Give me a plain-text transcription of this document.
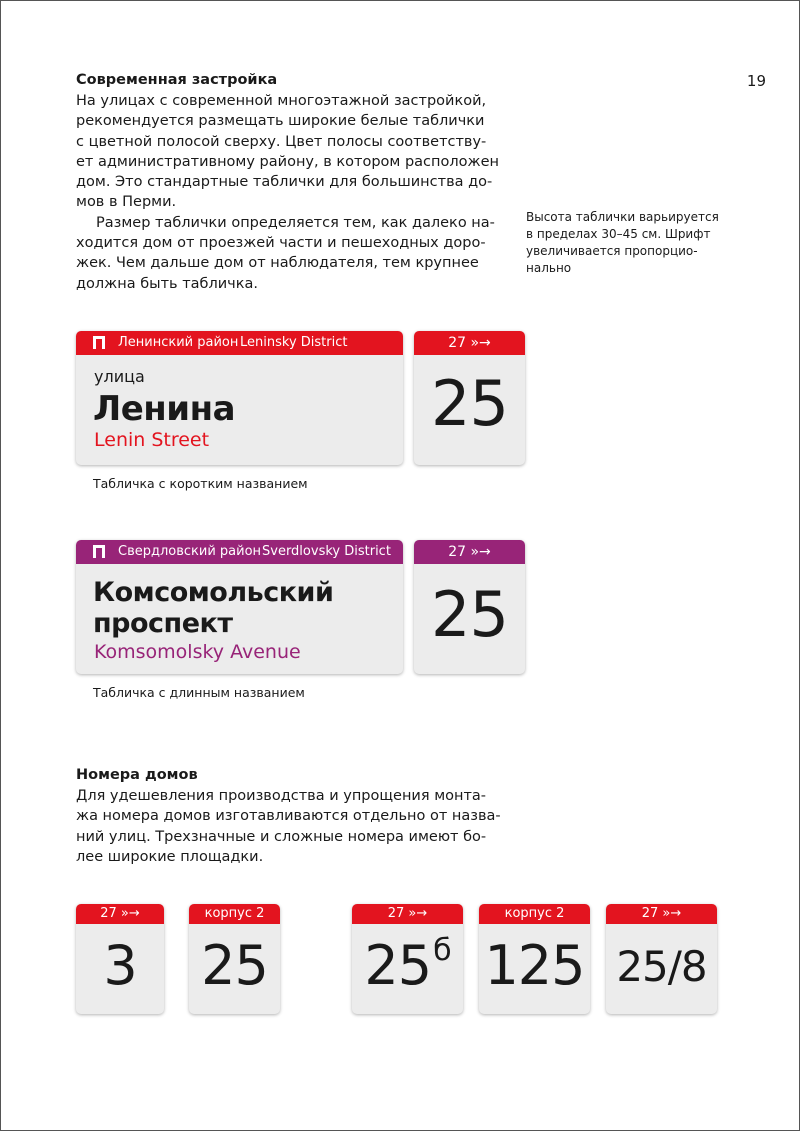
19
Современная застройка

На улицах с современной многоэтажной застройкой,

рекомендуется размещать широкие белые таблички

с цветной полосой сверху. Цвет полосы соответству-

ет административному району, в котором расположен

дом. Это стандартные таблички для большинства до-

мов в Перми.

Размер таблички определяется тем, как далеко на-

ходится дом от проезжей части и пешеходных доро-

жек. Чем дальше дом от наблюдателя, тем крупнее

должна быть табличка.

Высота таблички варьируется
в пределах 30–45 см. Шрифт
увеличивается пропорцио-
нально
Ленинский район Leninsky District
улица
Ленина
Lenin Street
27 »→
25
Табличка с коротким названием
Свердловский район Sverdlovsky District
Комсомольский
проспект
Komsomolsky Avenue
27 »→
25
Табличка с длинным названием
Номера домов

Для удешевления производства и упрощения монта-

жа номера домов изготавливаются отдельно от назва-

ний улиц. Трехзначные и сложные номера имеют бо-

лее широкие площадки.

27 »→
3
корпус 2
25
27 »→
$25^б$
корпус 2
125
27 »→
25/8
